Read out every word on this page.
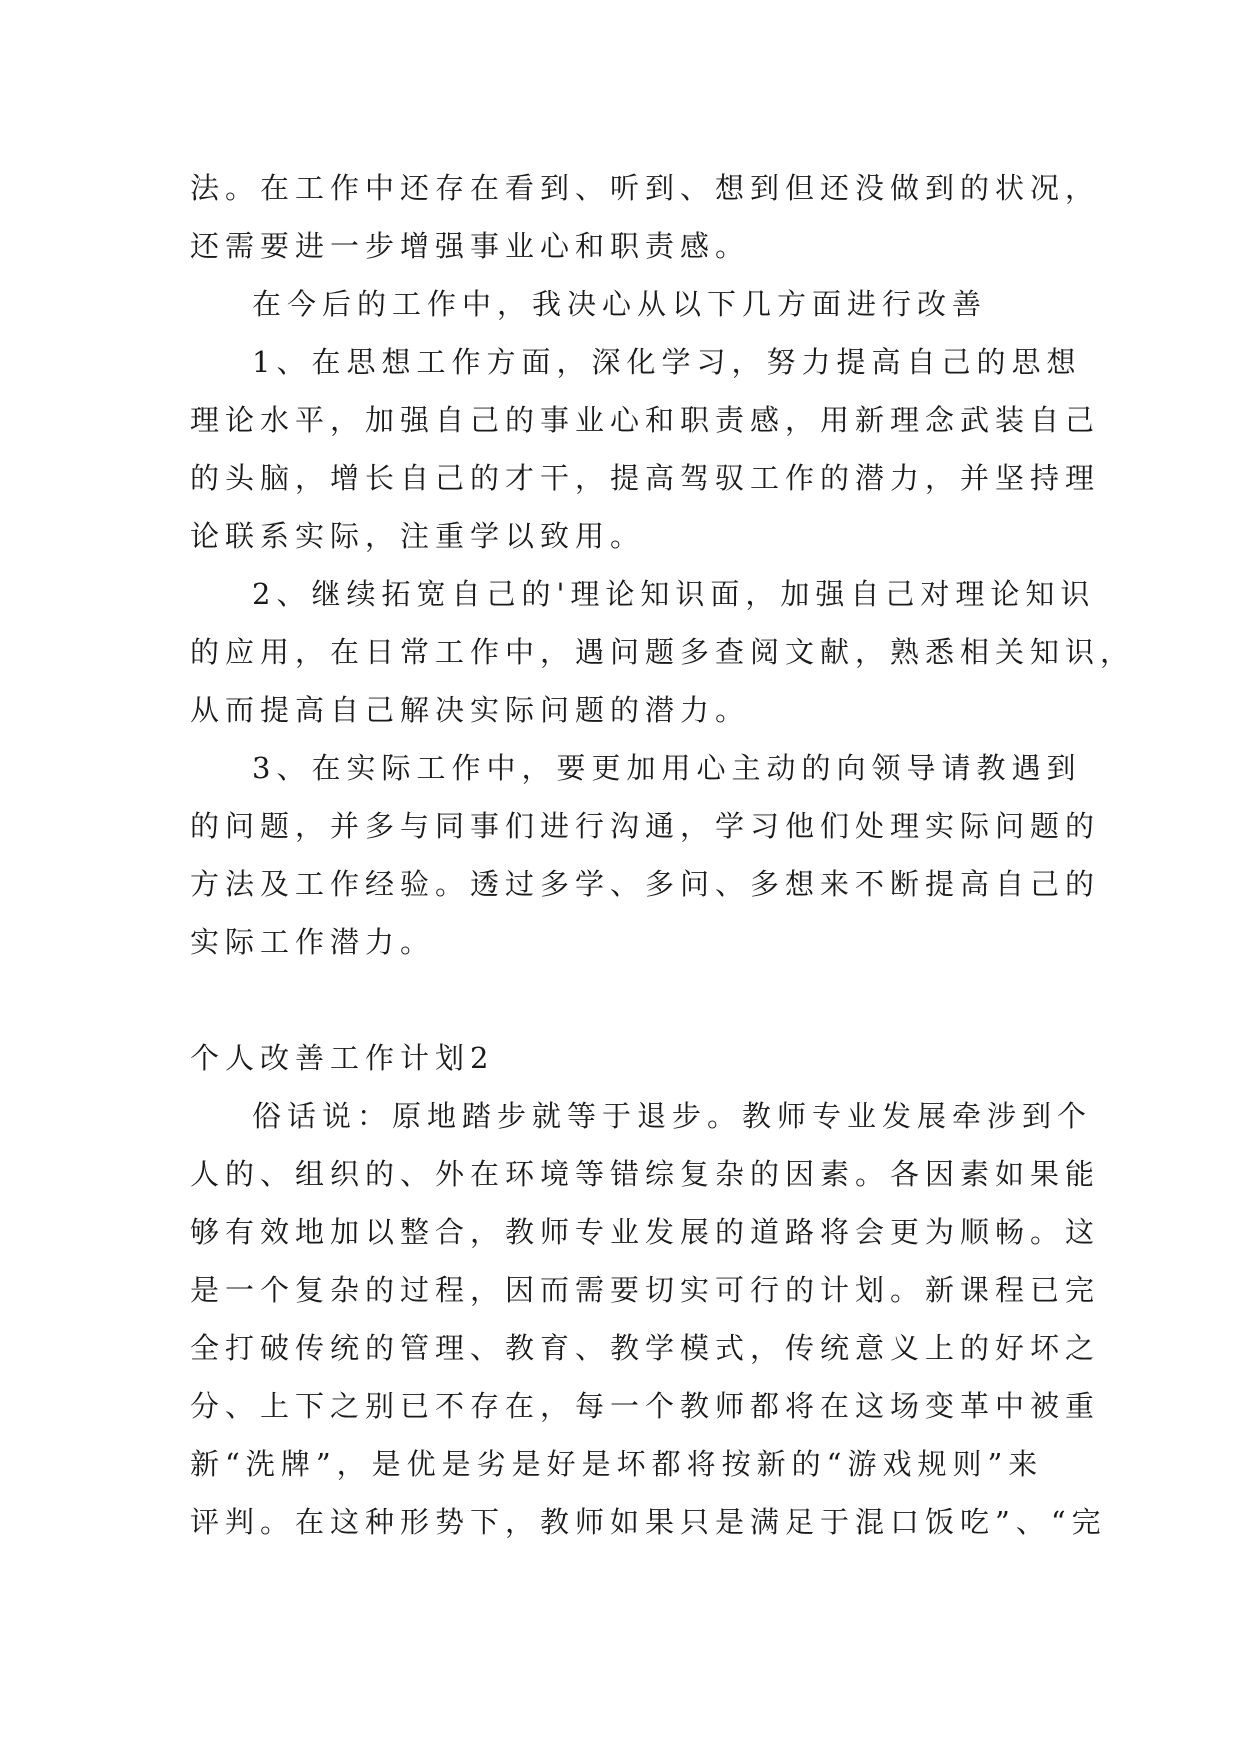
法。在工作中还存在看到、听到、想到但还没做到的状况，
还需要进一步增强事业心和职责感。
在今后的工作中，我决心从以下几方面进行改善
1、在思想工作方面，深化学习，努力提高自己的思想
理论水平，加强自己的事业心和职责感，用新理念武装自己
的头脑，增长自己的才干，提高驾驭工作的潜力，并坚持理
论联系实际，注重学以致用。
2、继续拓宽自己的'理论知识面，加强自己对理论知识
的应用，在日常工作中，遇问题多查阅文献，熟悉相关知识，
从而提高自己解决实际问题的潜力。
3、在实际工作中，要更加用心主动的向领导请教遇到
的问题，并多与同事们进行沟通，学习他们处理实际问题的
方法及工作经验。透过多学、多问、多想来不断提高自己的
实际工作潜力。
个人改善工作计划2
俗话说：原地踏步就等于退步。教师专业发展牵涉到个
人的、组织的、外在环境等错综复杂的因素。各因素如果能
够有效地加以整合，教师专业发展的道路将会更为顺畅。这
是一个复杂的过程，因而需要切实可行的计划。新课程已完
全打破传统的管理、教育、教学模式，传统意义上的好坏之
分、上下之别已不存在，每一个教师都将在这场变革中被重
新“洗牌”，是优是劣是好是坏都将按新的“游戏规则”来
评判。在这种形势下，教师如果只是满足于混口饭吃”、“完
